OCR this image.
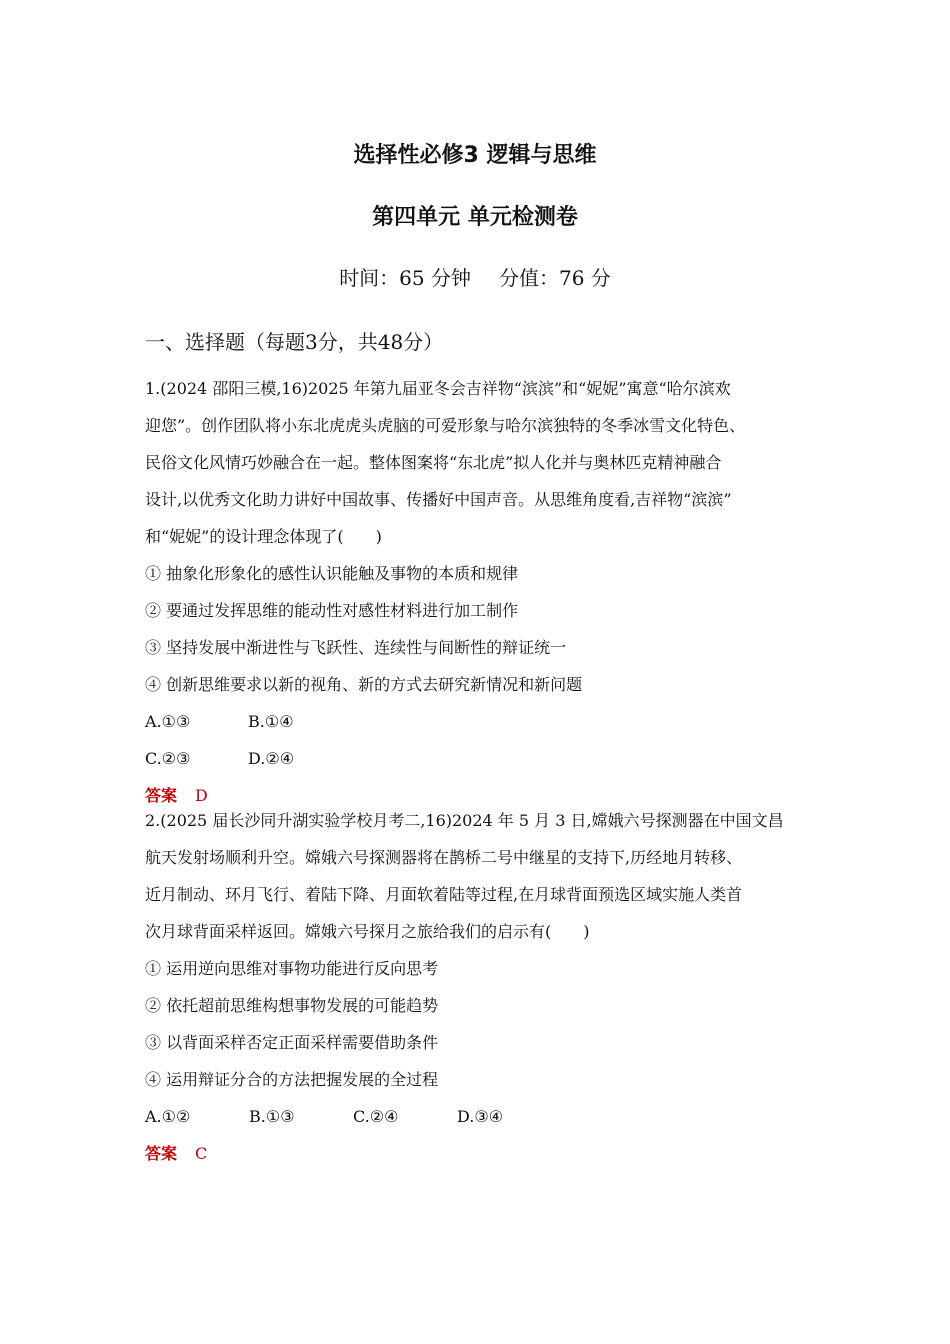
选择性必修3 逻辑与思维
第四单元 单元检测卷
时间：65 分钟 分值：76 分
一、选择题（每题3分，共48分）
1.(2024 邵阳三模,16)2025 年第九届亚冬会吉祥物“滨滨”和“妮妮”寓意“哈尔滨欢
迎您”。创作团队将小东北虎虎头虎脑的可爱形象与哈尔滨独特的冬季冰雪文化特色、
民俗文化风情巧妙融合在一起。整体图案将“东北虎”拟人化并与奥林匹克精神融合
设计,以优秀文化助力讲好中国故事、传播好中国声音。从思维角度看,吉祥物“滨滨”
和“妮妮”的设计理念体现了(　　)
① 抽象化形象化的感性认识能触及事物的本质和规律
② 要通过发挥思维的能动性对感性材料进行加工制作
③ 坚持发展中渐进性与飞跃性、连续性与间断性的辩证统一
④ 创新思维要求以新的视角、新的方式去研究新情况和新问题
A.①③	B.①④
C.②③	D.②④
答案 D
2.(2025 届长沙同升湖实验学校月考二,16)2024 年 5 月 3 日,嫦娥六号探测器在中国文昌
航天发射场顺利升空。嫦娥六号探测器将在鹊桥二号中继星的支持下,历经地月转移、
近月制动、环月飞行、着陆下降、月面软着陆等过程,在月球背面预选区域实施人类首
次月球背面采样返回。嫦娥六号探月之旅给我们的启示有(　　)
① 运用逆向思维对事物功能进行反向思考
② 依托超前思维构想事物发展的可能趋势
③ 以背面采样否定正面采样需要借助条件
④ 运用辩证分合的方法把握发展的全过程
A.①②	B.①③	C.②④	D.③④
答案 C
